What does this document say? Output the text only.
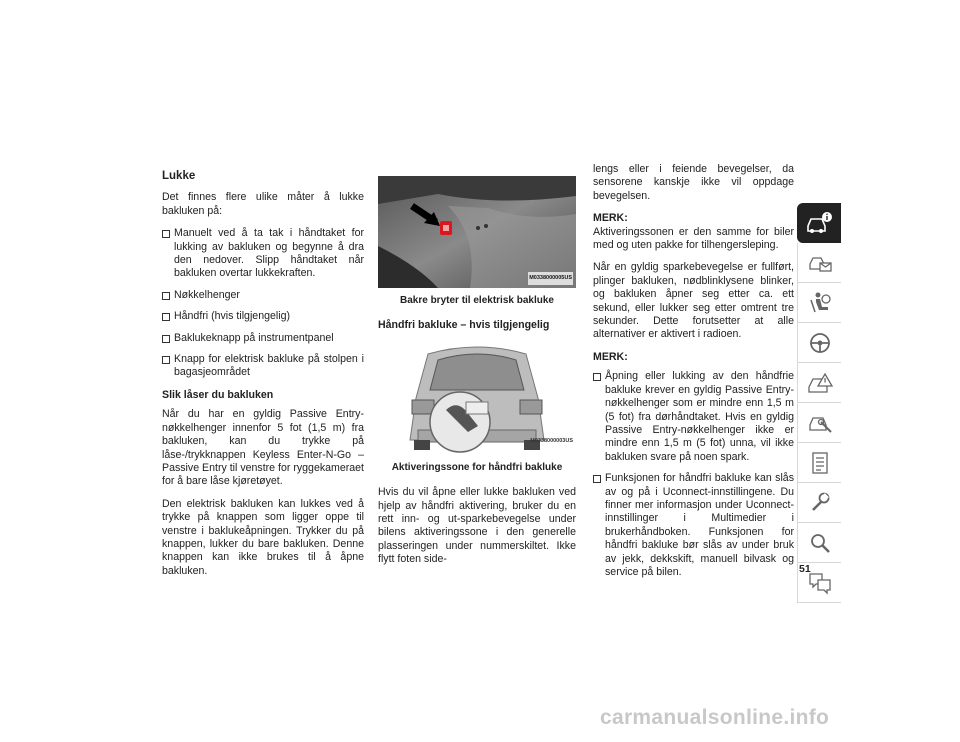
Lukke

Det finnes flere ulike måter å lukke bakluken på:

Manuelt ved å ta tak i håndtaket for lukking av bakluken og begynne å dra den nedover. Slipp håndtaket når bakluken overtar lukkekraften.
Nøkkelhenger
Håndfri (hvis tilgjengelig)
Baklukeknapp på instrumentpanel
Knapp for elektrisk bakluke på stolpen i bagasjeområdet
Slik låser du bakluken

Når du har en gyldig Passive Entry-nøkkelhenger innenfor 5 fot (1,5 m) fra bakluken, kan du trykke på låse-/trykknappen Keyless Enter-N-Go – Passive Entry til venstre for ryggekameraet for å bare låse kjøretøyet.

Den elektrisk bakluken kan lukkes ved å trykke på knappen som ligger oppe til venstre i baklukeåpningen. Trykker du på knappen, lukker du bare bakluken. Denne knappen kan ikke brukes til å åpne bakluken.

M0338000005US
Bakre bryter til elektrisk bakluke
Håndfri bakluke – hvis tilgjengelig
M0338000003US
Aktiveringssone for håndfri bakluke

Hvis du vil åpne eller lukke bakluken ved hjelp av håndfri aktivering, bruker du en rett inn- og ut-sparkebevegelse under bilens aktiveringssone i den generelle plasseringen under nummerskiltet. Ikke flytt foten side-

lengs eller i feiende bevegelser, da sensorene kanskje ikke vil oppdage bevegelsen.

MERK:
Aktiveringssonen er den samme for biler med og uten pakke for tilhengersleping.

Når en gyldig sparkebevegelse er fullført, plinger bakluken, nødblinklysene blinker, og bakluken åpner seg etter ca. ett sekund, eller lukker seg etter omtrent tre sekunder. Dette forutsetter at alle alternativer er aktivert i radioen.

MERK:
Åpning eller lukking av den håndfrie bakluke krever en gyldig Passive Entry-nøkkelhenger som er mindre enn 1,5 m (5 fot) fra dørhåndtaket. Hvis en gyldig Passive Entry-nøkkelhenger ikke er mindre enn 1,5 m (5 fot) unna, vil ikke bakluken svare på noen spark.
Funksjonen for håndfri bakluke kan slås av og på i Uconnect-innstillingene. Du finner mer informasjon under Uconnect-innstillinger i Multimedier i brukerhåndboken. Funksjonen for håndfri bakluke bør slås av under bruk av jekk, dekkskift, manuell bilvask og service på bilen.	51
carmanualsonline.info
